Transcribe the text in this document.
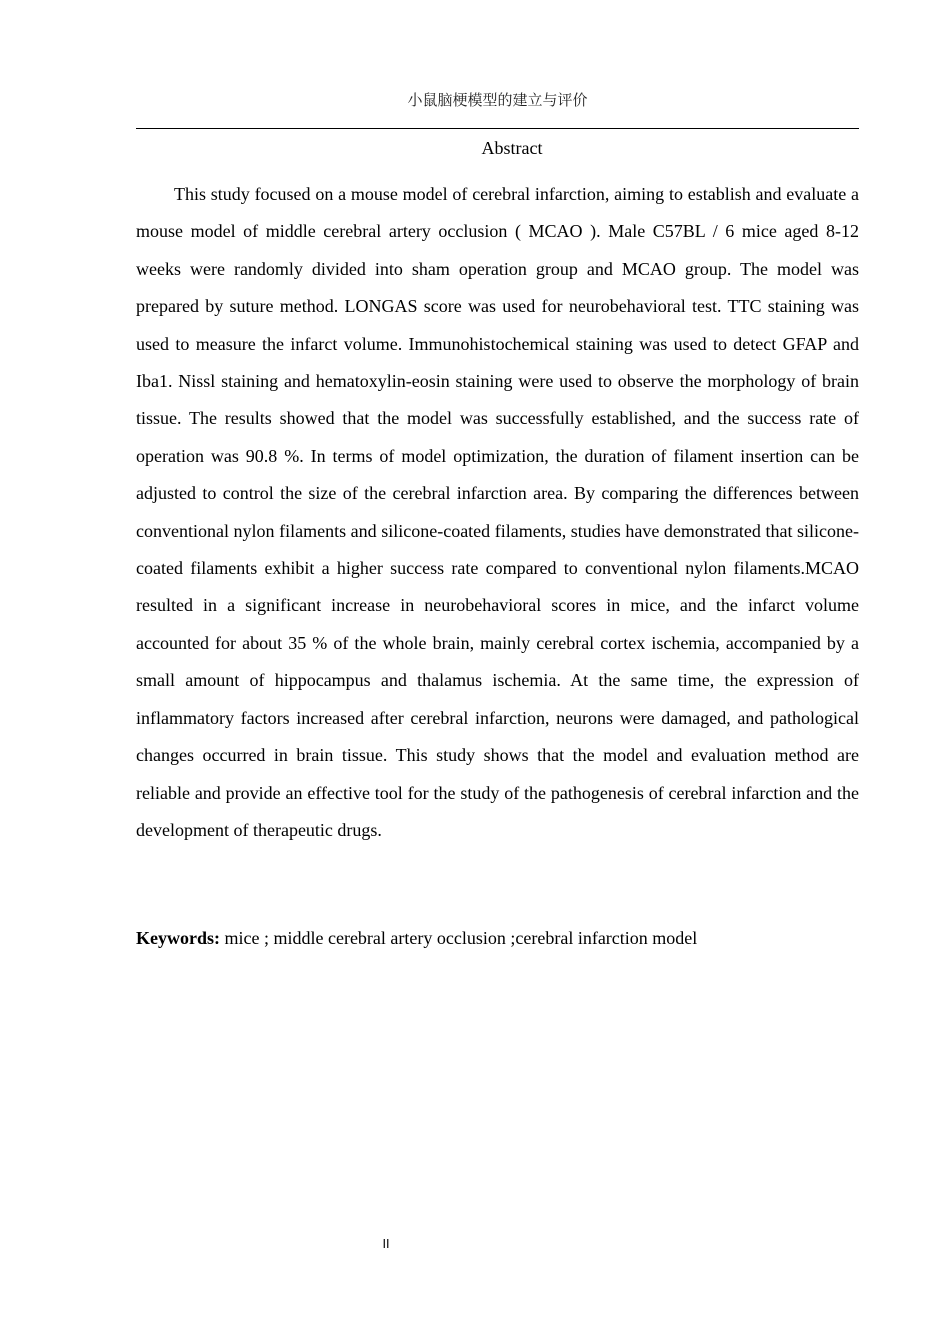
小鼠脑梗模型的建立与评价
Abstract

This study focused on a mouse model of cerebral infarction, aiming to establish and evaluate a mouse model of middle cerebral artery occlusion ( MCAO ). Male C57BL / 6 mice aged 8-12 weeks were randomly divided into sham operation group and MCAO group. The model was prepared by suture method. LONGAS score was used for neurobehavioral test. TTC staining was used to measure the infarct volume. Immunohistochemical staining was used to detect GFAP and Iba1. Nissl staining and hematoxylin-eosin staining were used to observe the morphology of brain tissue. The results showed that the model was successfully established, and the success rate of operation was 90.8 %. In terms of model optimization, the duration of filament insertion can be adjusted to control the size of the cerebral infarction area. By comparing the differences between conventional nylon filaments and silicone-coated filaments, studies have demonstrated that silicone-coated filaments exhibit a higher success rate compared to conventional nylon filaments.MCAO resulted in a significant increase in neurobehavioral scores in mice, and the infarct volume accounted for about 35 % of the whole brain, mainly cerebral cortex ischemia, accompanied by a small amount of hippocampus and thalamus ischemia. At the same time, the expression of inflammatory factors increased after cerebral infarction, neurons were damaged, and pathological changes occurred in brain tissue. This study shows that the model and evaluation method are reliable and provide an effective tool for the study of the pathogenesis of cerebral infarction and the development of therapeutic drugs.

Keywords: mice ; middle cerebral artery occlusion ;cerebral infarction model

II
